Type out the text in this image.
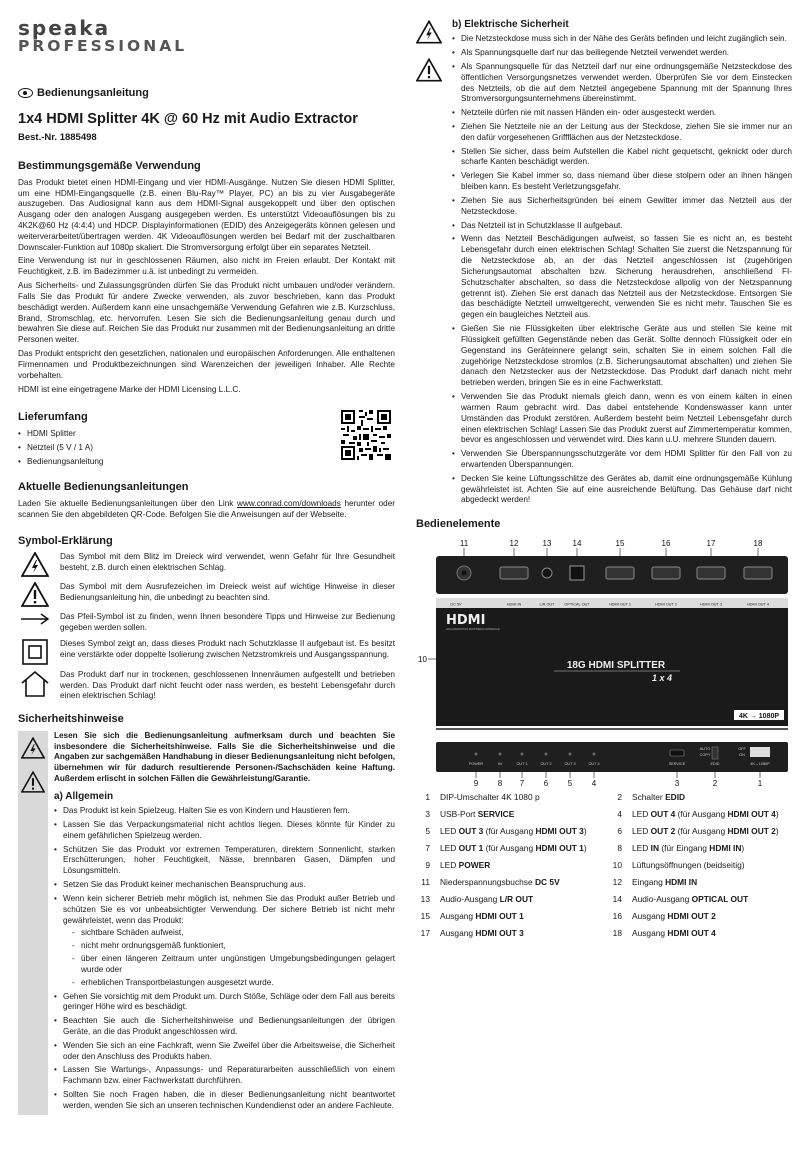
speaka
PROFESSIONAL
Bedienungsanleitung
1x4 HDMI Splitter 4K @ 60 Hz mit Audio Extractor
Best.-Nr. 1885498
Bestimmungsgemäße Verwendung

Das Produkt bietet einen HDMI-Eingang und vier HDMI-Ausgänge. Nutzen Sie diesen HDMI Splitter, um eine HDMI-Eingangsquelle (z.B. einen Blu-Ray™ Player, PC) an bis zu vier Ausgabegeräte auszugeben. Das Audiosignal kann aus dem HDMI-Signal ausgekoppelt und über den optischen Ausgang oder den analogen Ausgang ausgegeben werden. Es unterstützt Videoauflösungen bis zu 4K2K@60 Hz (4:4:4) und HDCP. Displayinformationen (EDID) des Anzeigegeräts können gelesen und weiterverarbeitet/übertragen werden. 4K Videoauflösungen werden bei Bedarf mit der zuschaltbaren Downscaler-Funktion auf 1080p skaliert. Die Stromversorgung erfolgt über ein separates Netzteil.

Eine Verwendung ist nur in geschlossenen Räumen, also nicht im Freien erlaubt. Der Kontakt mit Feuchtigkeit, z.B. im Badezimmer u.ä. ist unbedingt zu vermeiden.

Aus Sicherheits- und Zulassungsgründen dürfen Sie das Produkt nicht umbauen und/oder verändern. Falls Sie das Produkt für andere Zwecke verwenden, als zuvor beschrieben, kann das Produkt beschädigt werden. Außerdem kann eine unsachgemäße Verwendung Gefahren wie z.B. Kurzschluss, Brand, Stromschlag, etc. hervorrufen. Lesen Sie sich die Bedienungsanleitung genau durch und bewahren Sie diese auf. Reichen Sie das Produkt nur zusammen mit der Bedienungsanleitung an dritte Personen weiter.

Das Produkt entspricht den gesetzlichen, nationalen und europäischen Anforderungen. Alle enthaltenen Firmennamen und Produktbezeichnungen sind Warenzeichen der jeweiligen Inhaber. Alle Rechte vorbehalten.

HDMI ist eine eingetragene Marke der HDMI Licensing L.L.C.

Lieferumfang
• HDMI Splitter
• Netzteil (5 V / 1 A)
• Bedienungsanleitung
Aktuelle Bedienungsanleitungen

Laden Sie aktuelle Bedienungsanleitungen über den Link www.conrad.com/downloads herunter oder scannen Sie den abgebildeten QR-Code. Befolgen Sie die Anweisungen auf der Webseite.

Symbol-Erklärung

Das Symbol mit dem Blitz im Dreieck wird verwendet, wenn Gefahr für Ihre Gesundheit besteht, z.B. durch einen elektrischen Schlag.

Das Symbol mit dem Ausrufezeichen im Dreieck weist auf wichtige Hinweise in dieser Bedienungsanleitung hin, die unbedingt zu beachten sind.

Das Pfeil-Symbol ist zu finden, wenn Ihnen besondere Tipps und Hinweise zur Bedienung gegeben werden sollen.

Dieses Symbol zeigt an, dass dieses Produkt nach Schutzklasse II aufgebaut ist. Es besitzt eine verstärkte oder doppelte Isolierung zwischen Netzstromkreis und Ausgangsspannung.

Das Produkt darf nur in trockenen, geschlossenen Innenräumen aufgestellt und betrieben werden. Das Produkt darf nicht feucht oder nass werden, es besteht Lebensgefahr durch einen elektrischen Schlag!

Sicherheitshinweise

Lesen Sie sich die Bedienungsanleitung aufmerksam durch und beachten Sie insbesondere die Sicherheitshinweise. Falls Sie die Sicherheitshinweise und die Angaben zur sachgemäßen Handhabung in dieser Bedienungsanleitung nicht befolgen, übernehmen wir für dadurch resultierende Personen-/Sachschäden keine Haftung. Außerdem erlischt in solchen Fällen die Gewährleistung/Garantie.

a) Allgemein
• Das Produkt ist kein Spielzeug. Halten Sie es von Kindern und Haustieren fern.
• Lassen Sie das Verpackungsmaterial nicht achtlos liegen. Dieses könnte für Kinder zu einem gefährlichen Spielzeug werden.
• Schützen Sie das Produkt vor extremen Temperaturen, direktem Sonnenlicht, starken Erschütterungen, hoher Feuchtigkeit, Nässe, brennbaren Gasen, Dämpfen und Lösungsmitteln.
• Setzen Sie das Produkt keiner mechanischen Beanspruchung aus.
• Wenn kein sicherer Betrieb mehr möglich ist, nehmen Sie das Produkt außer Betrieb und schützen Sie es vor unbeabsichtigter Verwendung. Der sichere Betrieb ist nicht mehr gewährleistet, wenn das Produkt:
- sichtbare Schäden aufweist,
- nicht mehr ordnungsgemäß funktioniert,
- über einen längeren Zeitraum unter ungünstigen Umgebungsbedingungen gelagert wurde oder
- erheblichen Transportbelastungen ausgesetzt wurde.
• Gehen Sie vorsichtig mit dem Produkt um. Durch Stöße, Schläge oder dem Fall aus bereits geringer Höhe wird es beschädigt.
• Beachten Sie auch die Sicherheitshinweise und Bedienungsanleitungen der übrigen Geräte, an die das Produkt angeschlossen wird.
• Wenden Sie sich an eine Fachkraft, wenn Sie Zweifel über die Arbeitsweise, die Sicherheit oder den Anschluss des Produkts haben.
• Lassen Sie Wartungs-, Anpassungs- und Reparaturarbeiten ausschließlich von einem Fachmann bzw. einer Fachwerkstatt durchführen.
• Sollten Sie noch Fragen haben, die in dieser Bedienungsanleitung nicht beantwortet werden, wenden Sie sich an unseren technischen Kundendienst oder an andere Fachleute.
b) Elektrische Sicherheit
• Die Netzsteckdose muss sich in der Nähe des Geräts befinden und leicht zugänglich sein.
• Als Spannungsquelle darf nur das beiliegende Netzteil verwendet werden.
• Als Spannungsquelle für das Netzteil darf nur eine ordnungsgemäße Netzsteckdose des öffentlichen Versorgungsnetzes verwendet werden. Überprüfen Sie vor dem Einstecken des Netzteils, ob die auf dem Netzteil angegebene Spannung mit der Spannung Ihres Stromversorgungsunternehmens übereinstimmt.
• Netzteile dürfen nie mit nassen Händen ein- oder ausgesteckt werden.
• Ziehen Sie Netzteile nie an der Leitung aus der Steckdose, ziehen Sie sie immer nur an den dafür vorgesehenen Griffflächen aus der Netzsteckdose.
• Stellen Sie sicher, dass beim Aufstellen die Kabel nicht gequetscht, geknickt oder durch scharfe Kanten beschädigt werden.
• Verlegen Sie Kabel immer so, dass niemand über diese stolpern oder an ihnen hängen bleiben kann. Es besteht Verletzungsgefahr.
• Ziehen Sie aus Sicherheitsgründen bei einem Gewitter immer das Netzteil aus der Netzsteckdose.
• Das Netzteil ist in Schutzklasse II aufgebaut.
• Wenn das Netzteil Beschädigungen aufweist, so fassen Sie es nicht an, es besteht Lebensgefahr durch einen elektrischen Schlag! Schalten Sie zuerst die Netzspannung für die Netzsteckdose ab, an der das Netzteil angeschlossen ist (zugehörigen Sicherungsautomat abschalten bzw. Sicherung herausdrehen, anschließend FI-Schutzschalter abschalten, so dass die Netzsteckdose allpolig von der Netzspannung getrennt ist). Ziehen Sie erst danach das Netzteil aus der Netzsteckdose. Entsorgen Sie das beschädigte Netzteil umweltgerecht, verwenden Sie es nicht mehr. Tauschen Sie es gegen ein baugleiches Netzteil aus.
• Gießen Sie nie Flüssigkeiten über elektrische Geräte aus und stellen Sie keine mit Flüssigkeit gefüllten Gegenstände neben das Gerät. Sollte dennoch Flüssigkeit oder ein Gegenstand ins Geräteinnere gelangt sein, schalten Sie in einem solchen Fall die zugehörige Netzsteckdose stromlos (z.B. Sicherungsautomat abschalten) und ziehen Sie danach den Netzstecker aus der Netzsteckdose. Das Produkt darf danach nicht mehr betrieben werden, bringen Sie es in eine Fachwerkstatt.
• Verwenden Sie das Produkt niemals gleich dann, wenn es von einem kalten in einen warmen Raum gebracht wird. Das dabei entstehende Kondenswasser kann unter Umständen das Produkt zerstören. Außerdem besteht beim Netzteil Lebensgefahr durch einen elektrischen Schlag! Lassen Sie das Produkt zuerst auf Zimmertemperatur kommen, bevor es angeschlossen und verwendet wird. Dies kann u.U. mehrere Stunden dauern.
• Verwenden Sie Überspannungsschutzgeräte vor dem HDMI Splitter für den Fall von zu erwartenden Überspannungen.
• Decken Sie keine Lüftungsschlitze des Gerätes ab, damit eine ordnungsgemäße Kühlung gewährleistet ist. Achten Sie auf eine ausreichende Belüftung. Das Gehäuse darf nicht abgedeckt werden!
Bedienelemente
11	12	13	14	15	16	17	18
DC 5V	HDMI IN	L/R OUT	OPTICAL OUT	HDMI OUT 1	HDMI OUT 2	HDMI OUT 3	HDMI OUT 4
HDMI
HIGH-DEFINITION MULTIMEDIA INTERFACE
18G HDMI SPLITTER
1 x 4
4K → 1080P
10
POWER	IN	OUT 1	OUT 2	OUT 3	OUT 4	SERVICE
AUTO
COPY
EDID
OFF
ON
4K→1080P
9 8 7 6 5 4	3	2	1
1 DIP-Umschalter 4K 1080 p	2 Schalter EDID
3 USB-Port SERVICE	4 LED OUT 4 (für Ausgang HDMI OUT 4)
5 LED OUT 3 (für Ausgang HDMI OUT 3)	6 LED OUT 2 (für Ausgang HDMI OUT 2)
7 LED OUT 1 (für Ausgang HDMI OUT 1)	8 LED IN (für Eingang HDMI IN)
9 LED POWER	10 Lüftungsöffnungen (beidseitig)
11 Niederspannungsbuchse DC 5V	12 Eingang HDMI IN
13 Audio-Ausgang L/R OUT	14 Audio-Ausgang OPTICAL OUT
15 Ausgang HDMI OUT 1	16 Ausgang HDMI OUT 2
17 Ausgang HDMI OUT 3	18 Ausgang HDMI OUT 4
